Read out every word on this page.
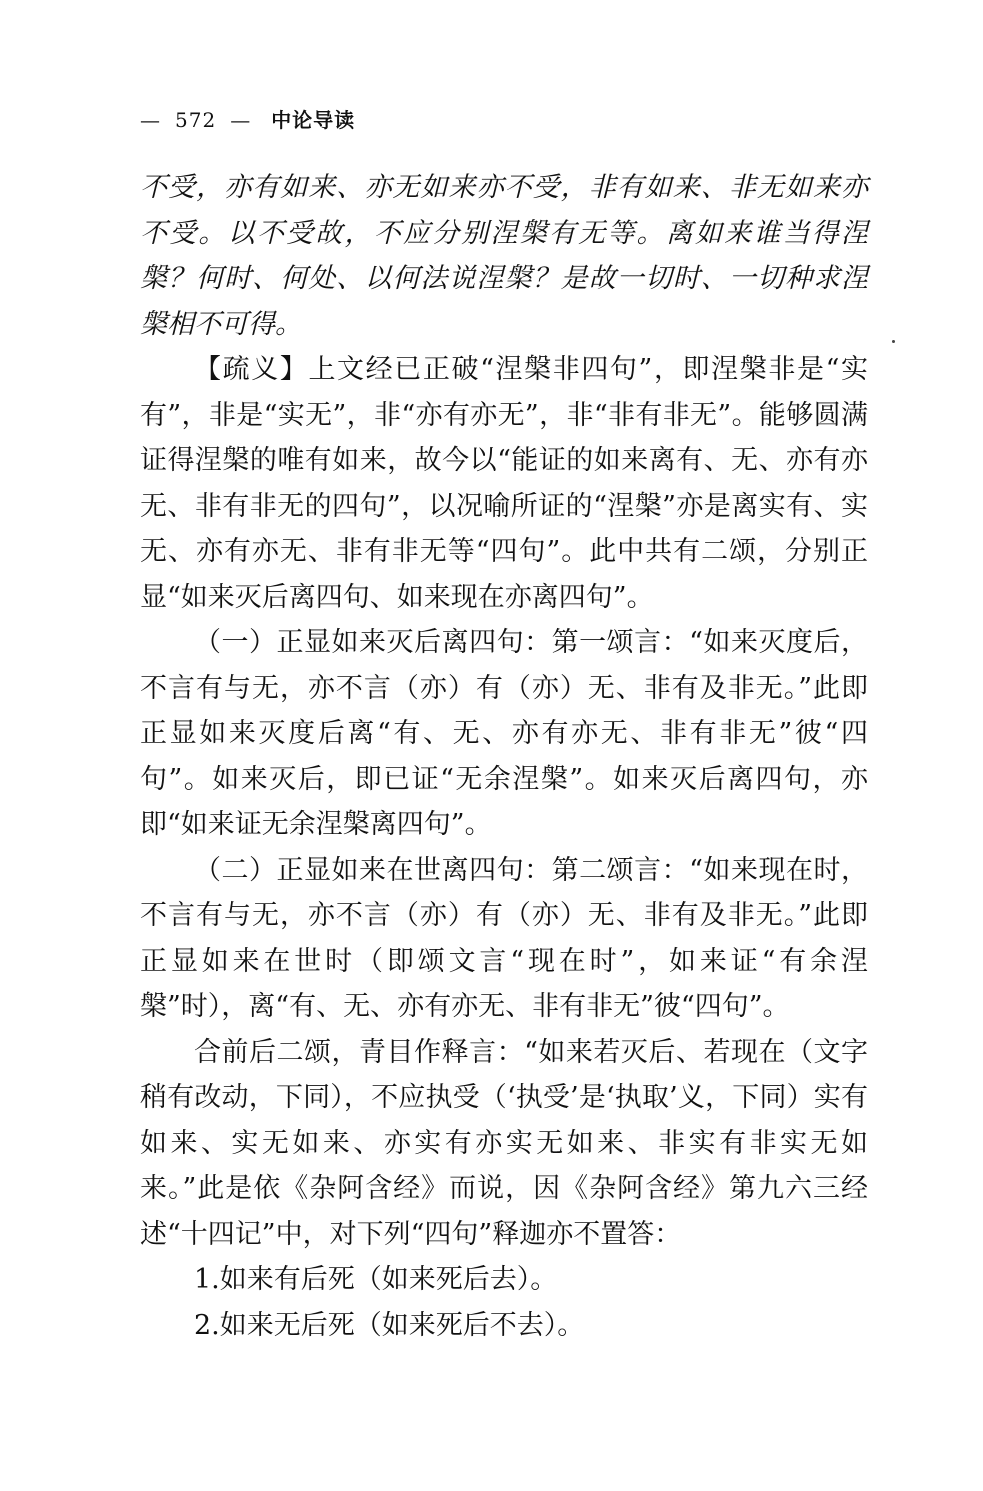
— 572 — 中论导读

不受，亦有如来、亦无如来亦不受，非有如来、非无如来亦不受。以不受故，不应分别涅槃有无等。离如来谁当得涅槃？何时、何处、以何法说涅槃？是故一切时、一切种求涅槃相不可得。

【疏义】上文经已正破“涅槃非四句”，即涅槃非是“实有”，非是“实无”，非“亦有亦无”，非“非有非无”。能够圆满证得涅槃的唯有如来，故今以“能证的如来离有、无、亦有亦无、非有非无的四句”，以况喻所证的“涅槃”亦是离实有、实无、亦有亦无、非有非无等“四句”。此中共有二颂，分别正显“如来灭后离四句、如来现在亦离四句”。

（一）正显如来灭后离四句：第一颂言：“如来灭度后，不言有与无，亦不言（亦）有（亦）无、非有及非无。”此即正显如来灭度后离“有、无、亦有亦无、非有非无”彼“四句”。如来灭后，即已证“无余涅槃”。如来灭后离四句，亦即“如来证无余涅槃离四句”。

（二）正显如来在世离四句：第二颂言：“如来现在时，不言有与无，亦不言（亦）有（亦）无、非有及非无。”此即正显如来在世时（即颂文言“现在时”，如来证“有余涅槃”时），离“有、无、亦有亦无、非有非无”彼“四句”。

合前后二颂，青目作释言：“如来若灭后、若现在（文字稍有改动，下同），不应执受（‘执受’是‘执取’义，下同）实有如来、实无如来、亦实有亦实无如来、非实有非实无如来。”此是依《杂阿含经》而说，因《杂阿含经》第九六三经述“十四记”中，对下列“四句”释迦亦不置答：

1.如来有后死（如来死后去）。

2.如来无后死（如来死后不去）。
